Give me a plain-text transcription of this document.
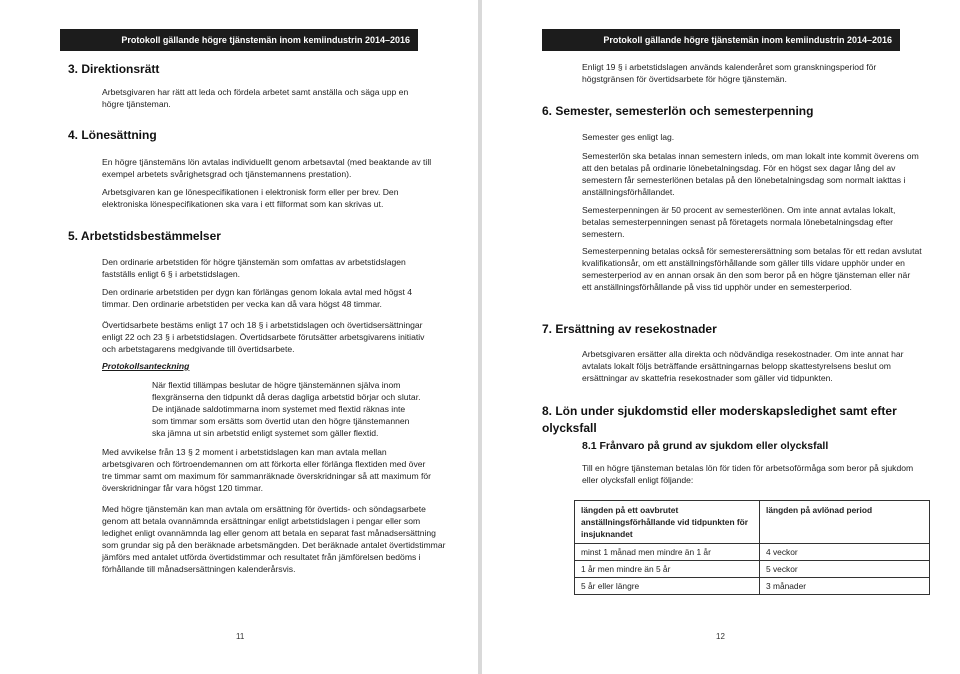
Protokoll gällande högre tjänstemän inom kemiindustrin 2014–2016
3. Direktionsrätt
Arbetsgivaren har rätt att leda och fördela arbetet samt anställa och säga upp en högre tjänsteman.
4. Lönesättning
En högre tjänstemäns lön avtalas individuellt genom arbetsavtal (med beaktande av till exempel arbetets svårighetsgrad och tjänstemannens prestation).
Arbetsgivaren kan ge lönespecifikationen i elektronisk form eller per brev. Den elektroniska lönespecifikationen ska vara i ett filformat som kan skrivas ut.
5. Arbetstidsbestämmelser
Den ordinarie arbetstiden för högre tjänstemän som omfattas av arbetstidslagen fastställs enligt 6 § i arbetstidslagen.
Den ordinarie arbetstiden per dygn kan förlängas genom lokala avtal med högst 4 timmar. Den ordinarie arbetstiden per vecka kan då vara högst 48 timmar.
Övertidsarbete bestäms enligt 17 och 18 § i arbetstidslagen och övertidsersättningar enligt 22 och 23 § i arbetstidslagen. Övertidsarbete förutsätter arbetsgivarens initiativ och arbetstagarens medgivande till övertidsarbete.
Protokollsanteckning
När flextid tillämpas beslutar de högre tjänstemännen själva inom flexgränserna den tidpunkt då deras dagliga arbetstid börjar och slutar. De intjänade saldotimmarna inom systemet med flextid räknas inte som timmar som ersätts som övertid utan den högre tjänstemannen ska jämna ut sin arbetstid enligt systemet som gäller flextid.
Med avvikelse från 13 § 2 moment i arbetstidslagen kan man avtala mellan arbetsgivaren och förtroendemannen om att förkorta eller förlänga flextiden med över tre timmar samt om maximum för sammanräknade överskridningar så att maximum för överskridningar får vara högst 120 timmar.
Med högre tjänstemän kan man avtala om ersättning för övertids- och söndagsarbete genom att betala ovannämnda ersättningar enligt arbetstidslagen i pengar eller som ledighet enligt ovannämnda lag eller genom att betala en separat fast månadsersättning som grundar sig på den beräknade arbetsmängden. Det beräknade antalet övertidstimmar jämförs med antalet utförda övertidstimmar och resultatet från jämförelsen bedöms i förhållande till månadsersättningen kalenderårsvis.
11
Protokoll gällande högre tjänstemän inom kemiindustrin 2014–2016
Enligt 19 § i arbetstidslagen används kalenderåret som granskningsperiod för högstgränsen för övertidsarbete för högre tjänstemän.
6. Semester, semesterlön och semesterpenning
Semester ges enligt lag.
Semesterlön ska betalas innan semestern inleds, om man lokalt inte kommit överens om att den betalas på ordinarie lönebetalningsdag. För en högst sex dagar lång del av semestern får semesterlönen betalas på den lönebetalningsdag som normalt iakttas i anställningsförhållandet.
Semesterpenningen är 50 procent av semesterlönen. Om inte annat avtalas lokalt, betalas semesterpenningen senast på företagets normala lönebetalningsdag efter semestern.
Semesterpenning betalas också för semesterersättning som betalas för ett redan avslutat kvalifikationsår, om ett anställningsförhållande som gäller tills vidare upphör under en semesterperiod av en annan orsak än den som beror på en högre tjänsteman eller när ett anställningsförhållande på viss tid upphör under en semesterperiod.
7. Ersättning av resekostnader
Arbetsgivaren ersätter alla direkta och nödvändiga resekostnader. Om inte annat har avtalats lokalt följs beträffande ersättningarnas belopp skattestyrelsens beslut om ersättningar av skattefria resekostnader som gäller vid tidpunkten.
8. Lön under sjukdomstid eller moderskapsledighet samt efter olycksfall
8.1 Frånvaro på grund av sjukdom eller olycksfall
Till en högre tjänsteman betalas lön för tiden för arbetsoförmåga som beror på sjukdom eller olycksfall enligt följande:
längden på ett oavbrutet anställningsförhållande vid tidpunkten för insjuknandet	längden på avlönad period
minst 1 månad men mindre än 1 år	4 veckor
1 år men mindre än 5 år	5 veckor
5 år eller längre	3 månader
12
